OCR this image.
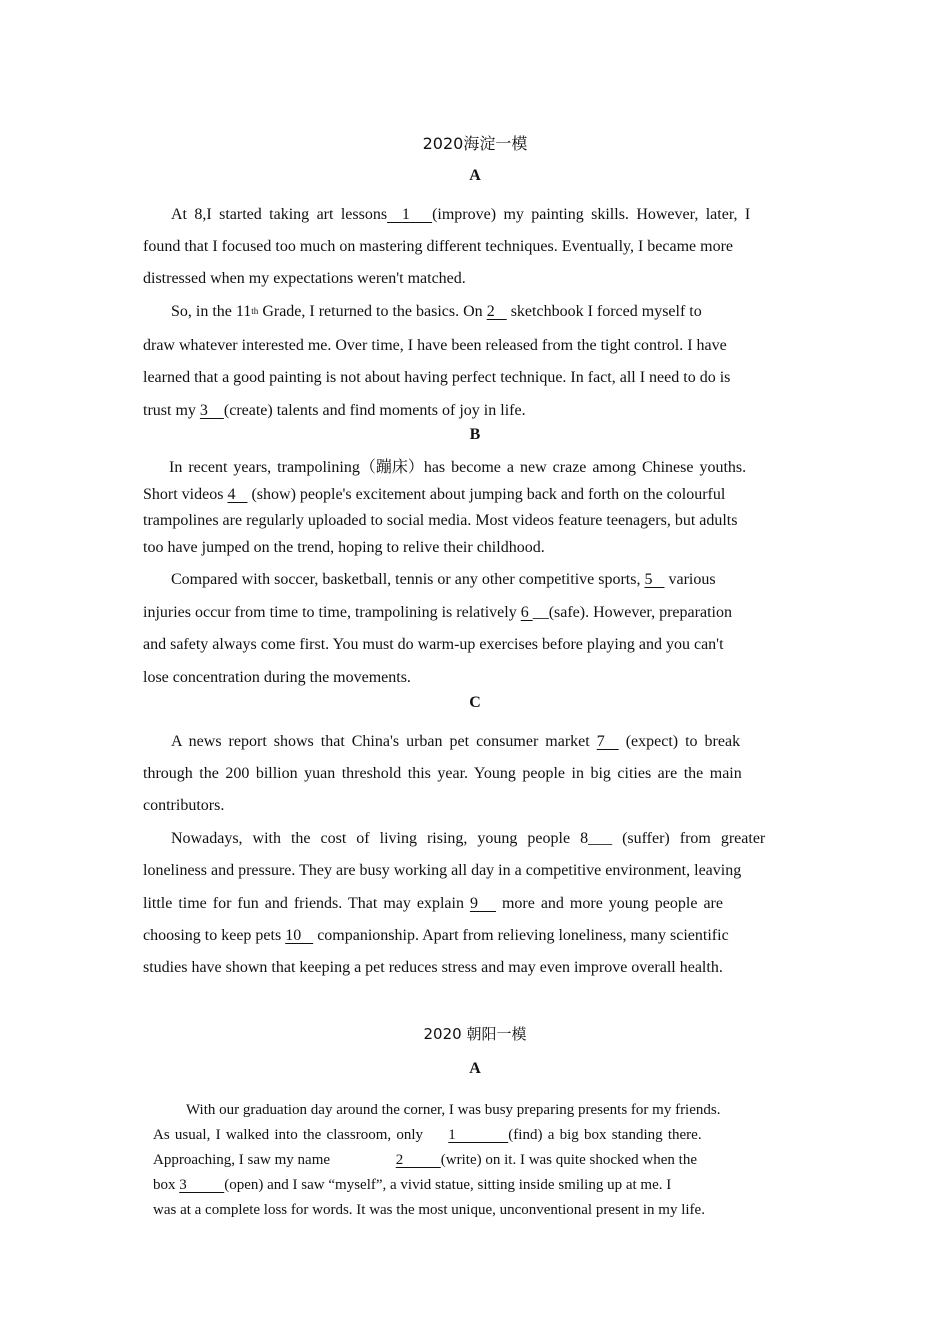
2020海淀一模
A
At 8,I started taking art lessons  1   (improve) my painting skills. However, later, I
found that I focused too much on mastering different techniques. Eventually, I became more
distressed when my expectations weren't matched.
So, in the 11th Grade, I returned to the basics. On 2    sketchbook I forced myself to
draw whatever interested me. Over time, I have been released from the tight control. I have
learned that a good painting is not about having perfect technique. In fact, all I need to do is
trust my 3    (create) talents and find moments of joy in life.
B
In recent years, trampolining（蹦床）has become a new craze among Chinese youths.
Short videos 4    (show) people's excitement about jumping back and forth on the colourful
trampolines are regularly uploaded to social media. Most videos feature teenagers, but adults
too have jumped on the trend, hoping to relive their childhood.
Compared with soccer, basketball, tennis or any other competitive sports, 5    various
injuries occur from time to time, trampolining is relatively 6 __(safe). However, preparation
and safety always come first. You must do warm-up exercises before playing and you can't
lose concentration during the movements.
C
A news report shows that China's urban pet consumer market 7   (expect) to break
through the 200 billion yuan threshold this year. Young people in big cities are the main
contributors.
Nowadays, with the cost of living rising, young people 8___ (suffer) from greater
loneliness and pressure. They are busy working all day in a competitive environment, leaving
little time for fun and friends. That may explain 9    more and more young people are
choosing to keep pets 10    companionship. Apart from relieving loneliness, many scientific
studies have shown that keeping a pet reduces stress and may even improve overall health.
2020 朝阳一模
A
With our graduation day around the corner, I was busy preparing presents for my friends.
As usual, I walked into the classroom, only 1          (find) a big box standing there.
Approaching, I saw my name	2          (write) on it. I was quite shocked when the
box 3          (open) and I saw “myself”, a vivid statue, sitting inside smiling up at me. I
was at a complete loss for words. It was the most unique, unconventional present in my life.
